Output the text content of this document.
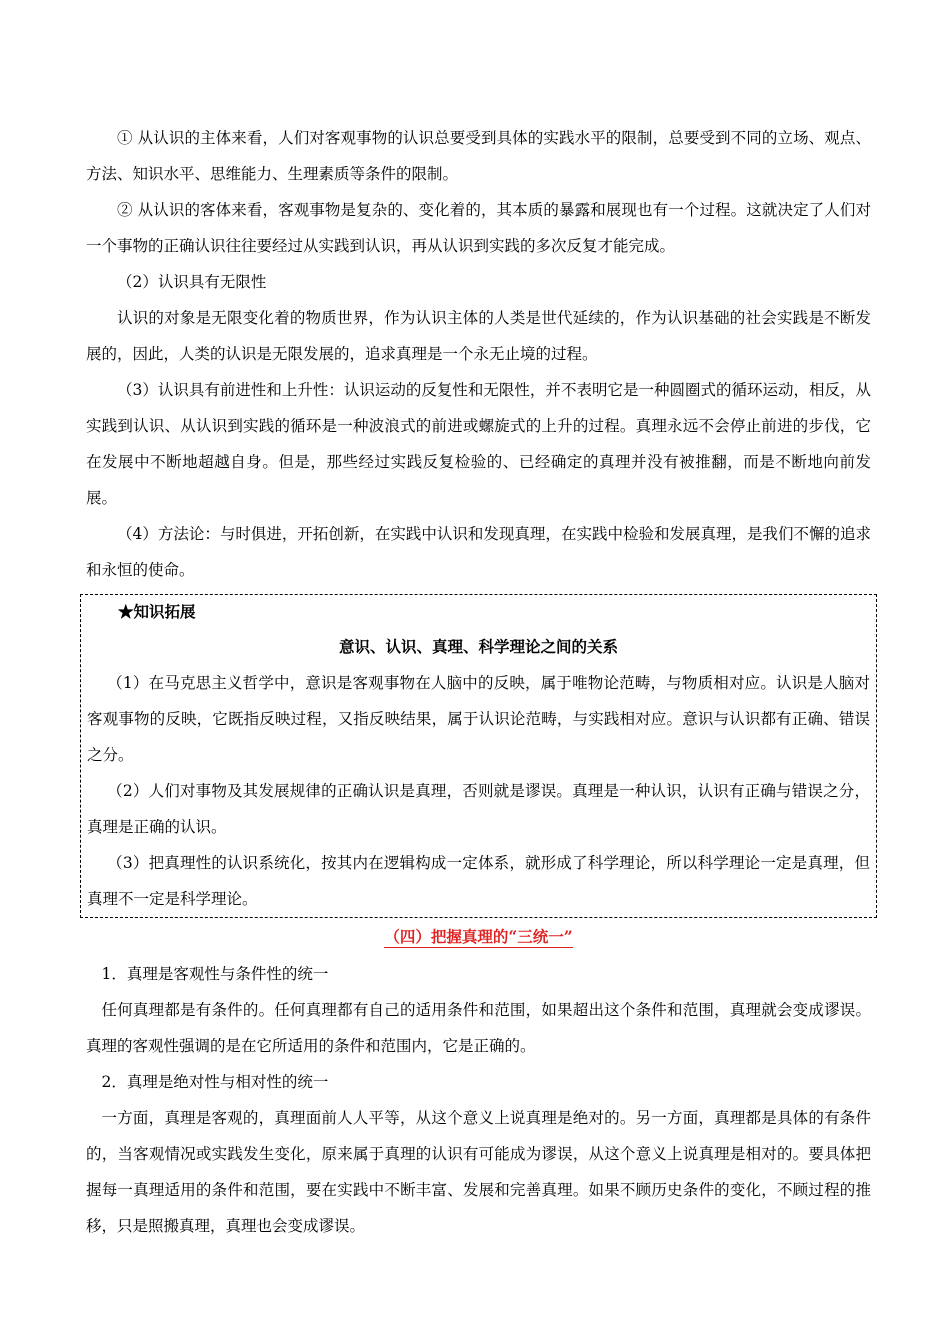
① 从认识的主体来看，人们对客观事物的认识总要受到具体的实践水平的限制，总要受到不同的立场、观点、方法、知识水平、思维能力、生理素质等条件的限制。

② 从认识的客体来看，客观事物是复杂的、变化着的，其本质的暴露和展现也有一个过程。这就决定了人们对一个事物的正确认识往往要经过从实践到认识，再从认识到实践的多次反复才能完成。

（2）认识具有无限性

认识的对象是无限变化着的物质世界，作为认识主体的人类是世代延续的，作为认识基础的社会实践是不断发展的，因此，人类的认识是无限发展的，追求真理是一个永无止境的过程。

（3）认识具有前进性和上升性：认识运动的反复性和无限性，并不表明它是一种圆圈式的循环运动，相反，从实践到认识、从认识到实践的循环是一种波浪式的前进或螺旋式的上升的过程。真理永远不会停止前进的步伐，它在发展中不断地超越自身。但是，那些经过实践反复检验的、已经确定的真理并没有被推翻，而是不断地向前发展。

（4）方法论：与时俱进，开拓创新，在实践中认识和发现真理，在实践中检验和发展真理，是我们不懈的追求和永恒的使命。

★知识拓展
意识、认识、真理、科学理论之间的关系

（1）在马克思主义哲学中，意识是客观事物在人脑中的反映，属于唯物论范畴，与物质相对应。认识是人脑对客观事物的反映，它既指反映过程，又指反映结果，属于认识论范畴，与实践相对应。意识与认识都有正确、错误之分。

（2）人们对事物及其发展规律的正确认识是真理，否则就是谬误。真理是一种认识，认识有正确与错误之分，真理是正确的认识。

（3）把真理性的认识系统化，按其内在逻辑构成一定体系，就形成了科学理论，所以科学理论一定是真理，但真理不一定是科学理论。

（四）把握真理的“三统一”

1．真理是客观性与条件性的统一

任何真理都是有条件的。任何真理都有自己的适用条件和范围，如果超出这个条件和范围，真理就会变成谬误。真理的客观性强调的是在它所适用的条件和范围内，它是正确的。

2．真理是绝对性与相对性的统一

一方面，真理是客观的，真理面前人人平等，从这个意义上说真理是绝对的。另一方面，真理都是具体的有条件的，当客观情况或实践发生变化，原来属于真理的认识有可能成为谬误，从这个意义上说真理是相对的。要具体把握每一真理适用的条件和范围，要在实践中不断丰富、发展和完善真理。如果不顾历史条件的变化，不顾过程的推移，只是照搬真理，真理也会变成谬误。
